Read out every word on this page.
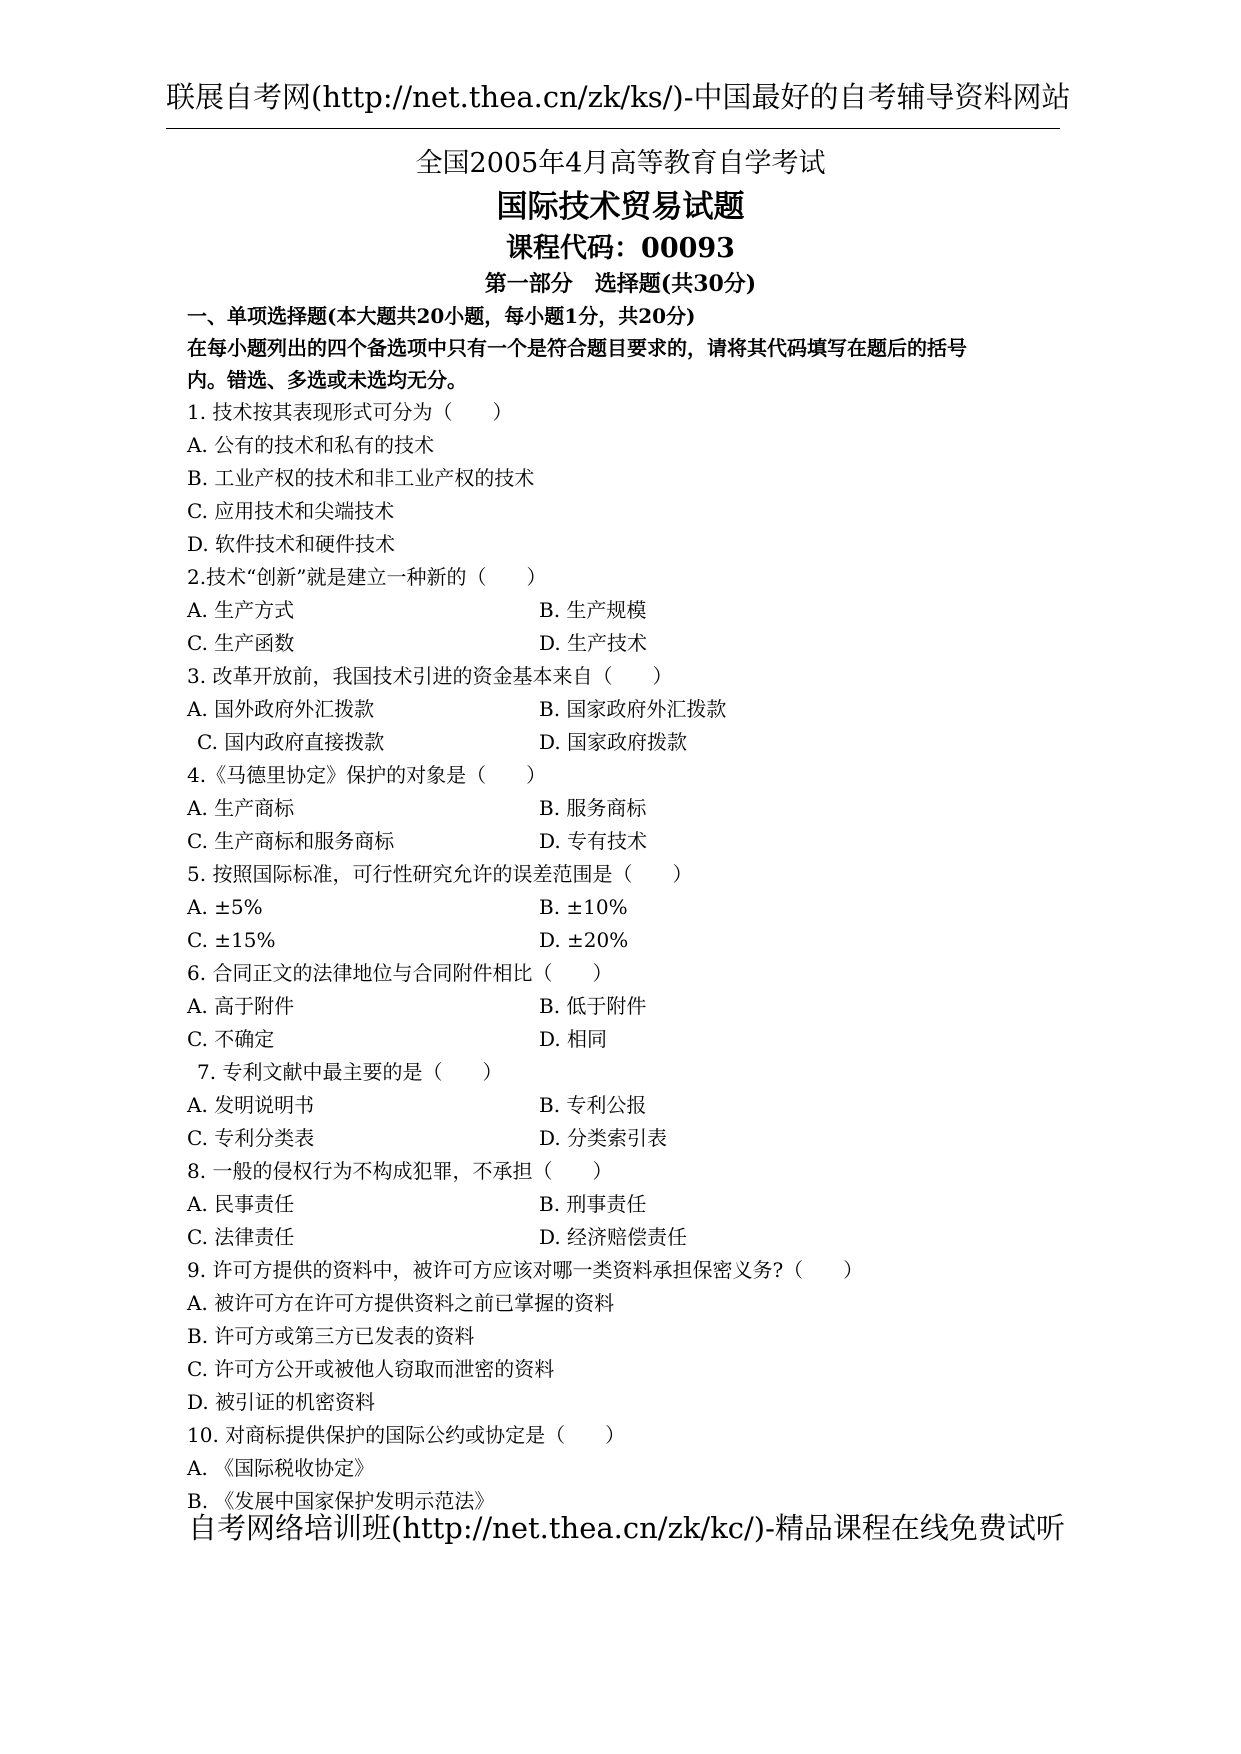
联展自考网(http://net.thea.cn/zk/ks/)-中国最好的自考辅导资料网站
全国2005年4月高等教育自学考试
国际技术贸易试题
课程代码：00093
第一部分　选择题(共30分)
一、单项选择题(本大题共20小题，每小题1分，共20分)
在每小题列出的四个备选项中只有一个是符合题目要求的，请将其代码填写在题后的括号
内。错选、多选或未选均无分。
1. 技术按其表现形式可分为（　　）
A. 公有的技术和私有的技术
B. 工业产权的技术和非工业产权的技术
C. 应用技术和尖端技术
D. 软件技术和硬件技术
2.技术“创新”就是建立一种新的（　　）
A. 生产方式	B. 生产规模
C. 生产函数	D. 生产技术
3. 改革开放前，我国技术引进的资金基本来自（　　）
A. 国外政府外汇拨款	B. 国家政府外汇拨款
C. 国内政府直接拨款	D. 国家政府拨款
4.《马德里协定》保护的对象是（　　）
A. 生产商标	B. 服务商标
C. 生产商标和服务商标	D. 专有技术
5. 按照国际标准，可行性研究允许的误差范围是（　　）
A. ±5%	B. ±10%
C. ±15%	D. ±20%
6. 合同正文的法律地位与合同附件相比（　　）
A. 高于附件	B. 低于附件
C. 不确定	D. 相同
7. 专利文献中最主要的是（　　）
A. 发明说明书	B. 专利公报
C. 专利分类表	D. 分类索引表
8. 一般的侵权行为不构成犯罪，不承担（　　）
A. 民事责任	B. 刑事责任
C. 法律责任	D. 经济赔偿责任
9. 许可方提供的资料中，被许可方应该对哪一类资料承担保密义务?（　　）
A. 被许可方在许可方提供资料之前已掌握的资料
B. 许可方或第三方已发表的资料
C. 许可方公开或被他人窃取而泄密的资料
D. 被引证的机密资料
10. 对商标提供保护的国际公约或协定是（　　）
A. 《国际税收协定》
B. 《发展中国家保护发明示范法》
自考网络培训班(http://net.thea.cn/zk/kc/)-精品课程在线免费试听
